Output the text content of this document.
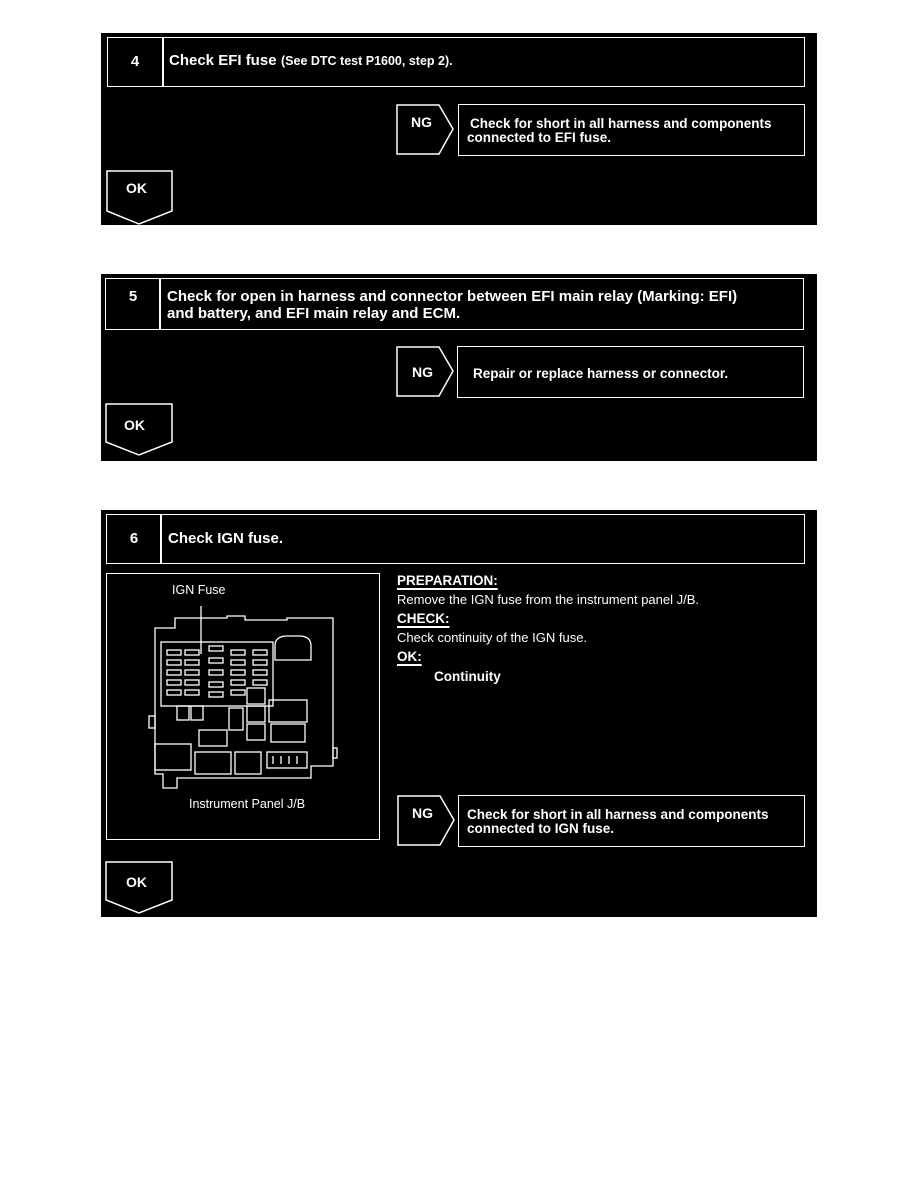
4	Check EFI fuse (See DTC test P1600, step 2).
NG	Check for short in all harness and components
connected to EFI fuse.
OK
5	Check for open in harness and connector between EFI main relay (Marking: EFI)
and battery, and EFI main relay and ECM.
NG	Repair or replace harness or connector.
OK
6	Check IGN fuse.
IGN Fuse
Instrument Panel J/B
PREPARATION:
Remove the IGN fuse from the instrument panel J/B.
CHECK:
Check continuity of the IGN fuse.
OK:
Continuity
NG	Check for short in all harness and components
connected to IGN fuse.
OK
